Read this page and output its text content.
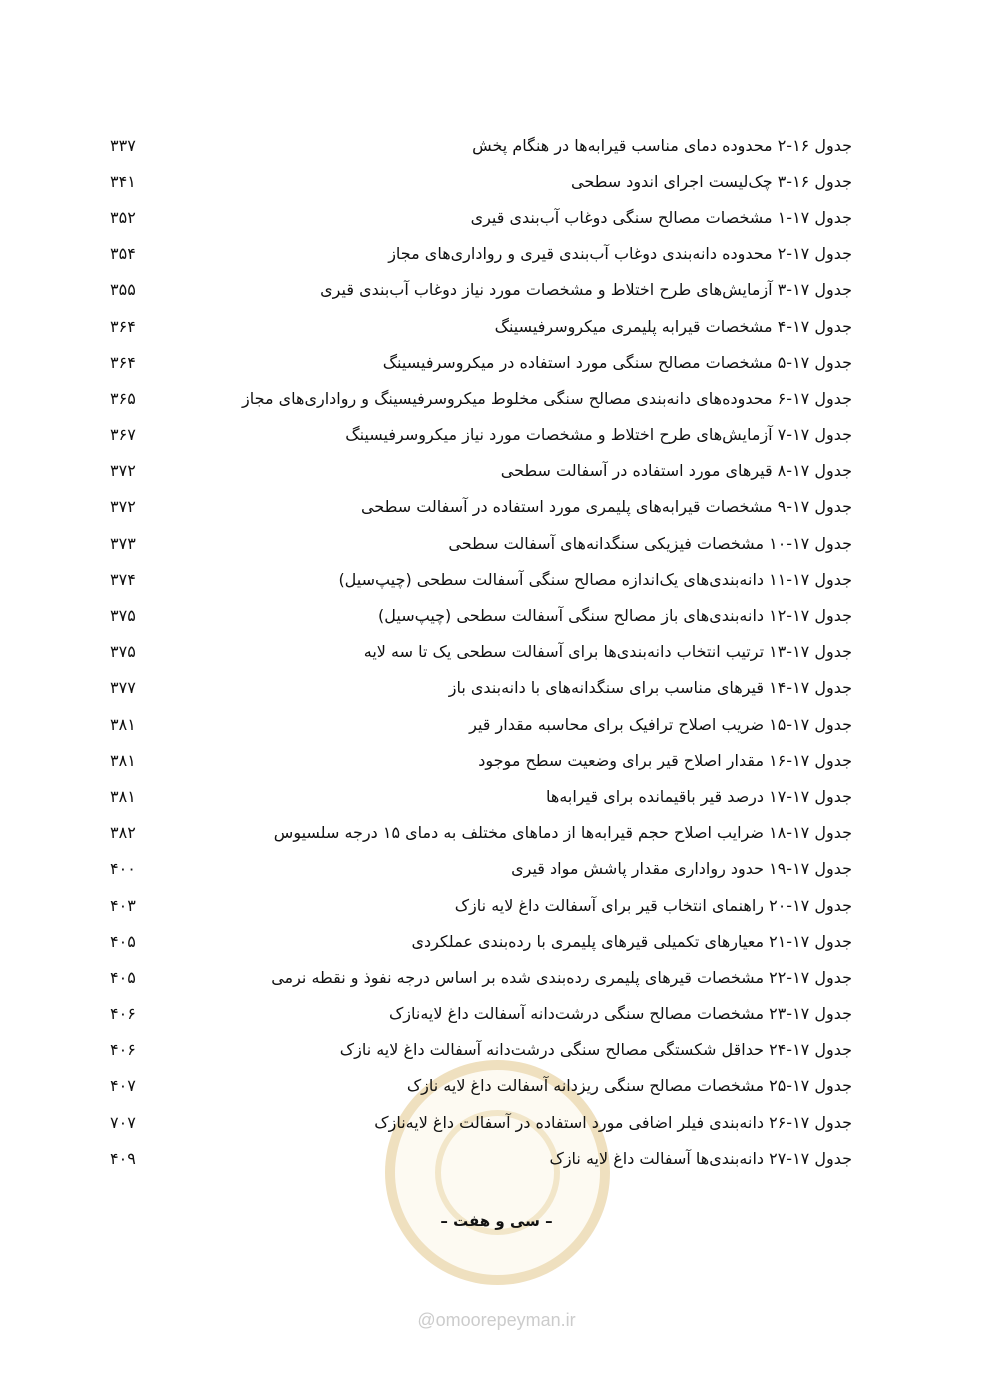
۳۳۷	جدول ۱۶-۲ محدوده دمای مناسب قیرابه‌ها در هنگام پخش
۳۴۱	جدول ۱۶-۳ چک‌لیست اجرای اندود سطحی
۳۵۲	جدول ۱۷-۱ مشخصات مصالح سنگی دوغاب آب‌بندی قیری
۳۵۴	جدول ۱۷-۲ محدوده دانه‌بندی دوغاب آب‌بندی قیری و رواداری‌های مجاز
۳۵۵	جدول ۱۷-۳ آزمایش‌های طرح اختلاط و مشخصات مورد نیاز دوغاب آب‌بندی قیری
۳۶۴	جدول ۱۷-۴ مشخصات قیرابه پلیمری میکروسرفیسینگ
۳۶۴	جدول ۱۷-۵ مشخصات مصالح سنگی مورد استفاده در میکروسرفیسینگ
۳۶۵	جدول ۱۷-۶ محدوده‌های دانه‌بندی مصالح سنگی مخلوط میکروسرفیسینگ و رواداری‌های مجاز
۳۶۷	جدول ۱۷-۷ آزمایش‌های طرح اختلاط و مشخصات مورد نیاز میکروسرفیسینگ
۳۷۲	جدول ۱۷-۸ قیرهای مورد استفاده در آسفالت سطحی
۳۷۲	جدول ۱۷-۹ مشخصات قیرابه‌های پلیمری مورد استفاده در آسفالت سطحی
۳۷۳	جدول ۱۷-۱۰ مشخصات فیزیکی سنگدانه‌های آسفالت سطحی
۳۷۴	جدول ۱۷-۱۱ دانه‌بندی‌های یک‌اندازه مصالح سنگی آسفالت سطحی (چیپ‌سیل)
۳۷۵	جدول ۱۷-۱۲ دانه‌بندی‌های باز مصالح سنگی آسفالت سطحی (چیپ‌سیل)
۳۷۵	جدول ۱۷-۱۳ ترتیب انتخاب دانه‌بندی‌ها برای آسفالت سطحی یک تا سه لایه
۳۷۷	جدول ۱۷-۱۴ قیرهای مناسب برای سنگدانه‌های با دانه‌بندی باز
۳۸۱	جدول ۱۷-۱۵ ضریب اصلاح ترافیک برای محاسبه مقدار قیر
۳۸۱	جدول ۱۷-۱۶ مقدار اصلاح قیر برای وضعیت سطح موجود
۳۸۱	جدول ۱۷-۱۷ درصد قیر باقیمانده برای قیرابه‌ها
۳۸۲	جدول ۱۷-۱۸ ضرایب اصلاح حجم قیرابه‌ها از دماهای مختلف به دمای ۱۵ درجه سلسیوس
۴۰۰	جدول ۱۷-۱۹ حدود رواداری مقدار پاشش مواد قیری
۴۰۳	جدول ۱۷-۲۰ راهنمای انتخاب قیر برای آسفالت داغ لایه نازک
۴۰۵	جدول ۱۷-۲۱ معیارهای تکمیلی قیرهای پلیمری با رده‌بندی عملکردی
۴۰۵	جدول ۱۷-۲۲ مشخصات قیرهای پلیمری رده‌بندی شده بر اساس درجه نفوذ و نقطه نرمی
۴۰۶	جدول ۱۷-۲۳ مشخصات مصالح سنگی درشت‌دانه آسفالت داغ لایه‌نازک
۴۰۶	جدول ۱۷-۲۴ حداقل شکستگی مصالح سنگی درشت‌دانه آسفالت داغ لایه نازک
۴۰۷	جدول ۱۷-۲۵ مشخصات مصالح سنگی ریزدانه آسفالت داغ لایه نازک
۷۰۷	جدول ۱۷-۲۶ دانه‌بندی فیلر اضافی مورد استفاده در آسفالت داغ لایه‌نازک
۴۰۹	جدول ۱۷-۲۷ دانه‌بندی‌ها آسفالت داغ لایه نازک
– سی و هفت –
@omoorepeyman.ir
